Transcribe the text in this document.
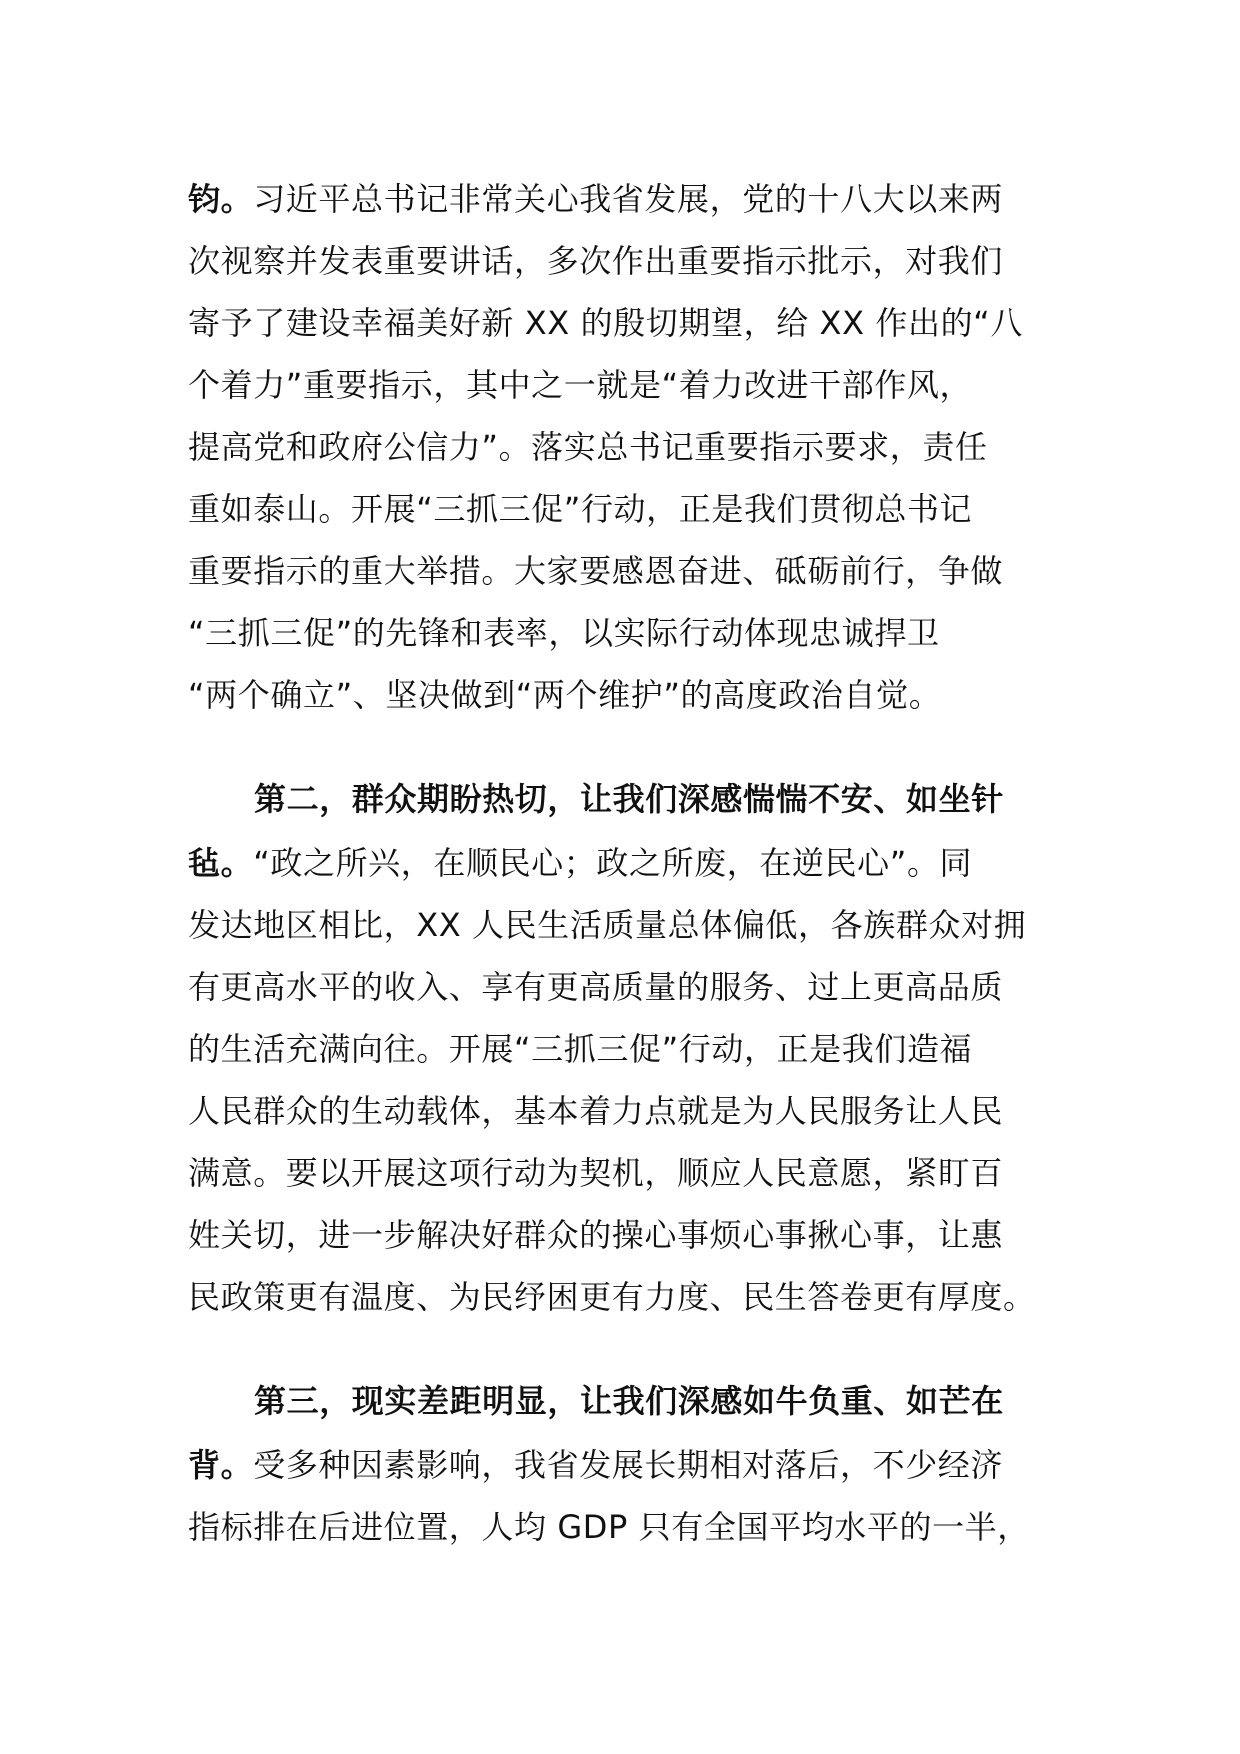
钧。习近平总书记非常关心我省发展，党的十八大以来两
次视察并发表重要讲话，多次作出重要指示批示，对我们
寄予了建设幸福美好新 XX 的殷切期望，给 XX 作出的“八
个着力”重要指示，其中之一就是“着力改进干部作风，
提高党和政府公信力”。落实总书记重要指示要求，责任
重如泰山。开展“三抓三促”行动，正是我们贯彻总书记
重要指示的重大举措。大家要感恩奋进、砥砺前行，争做
“三抓三促”的先锋和表率，以实际行动体现忠诚捍卫
“两个确立”、坚决做到“两个维护”的高度政治自觉。
第二，群众期盼热切，让我们深感惴惴不安、如坐针
毡。“政之所兴，在顺民心；政之所废，在逆民心”。同
发达地区相比，XX 人民生活质量总体偏低，各族群众对拥
有更高水平的收入、享有更高质量的服务、过上更高品质
的生活充满向往。开展“三抓三促”行动，正是我们造福
人民群众的生动载体，基本着力点就是为人民服务让人民
满意。要以开展这项行动为契机，顺应人民意愿，紧盯百
姓关切，进一步解决好群众的操心事烦心事揪心事，让惠
民政策更有温度、为民纾困更有力度、民生答卷更有厚度。
第三，现实差距明显，让我们深感如牛负重、如芒在
背。受多种因素影响，我省发展长期相对落后，不少经济
指标排在后进位置，人均 GDP 只有全国平均水平的一半，
